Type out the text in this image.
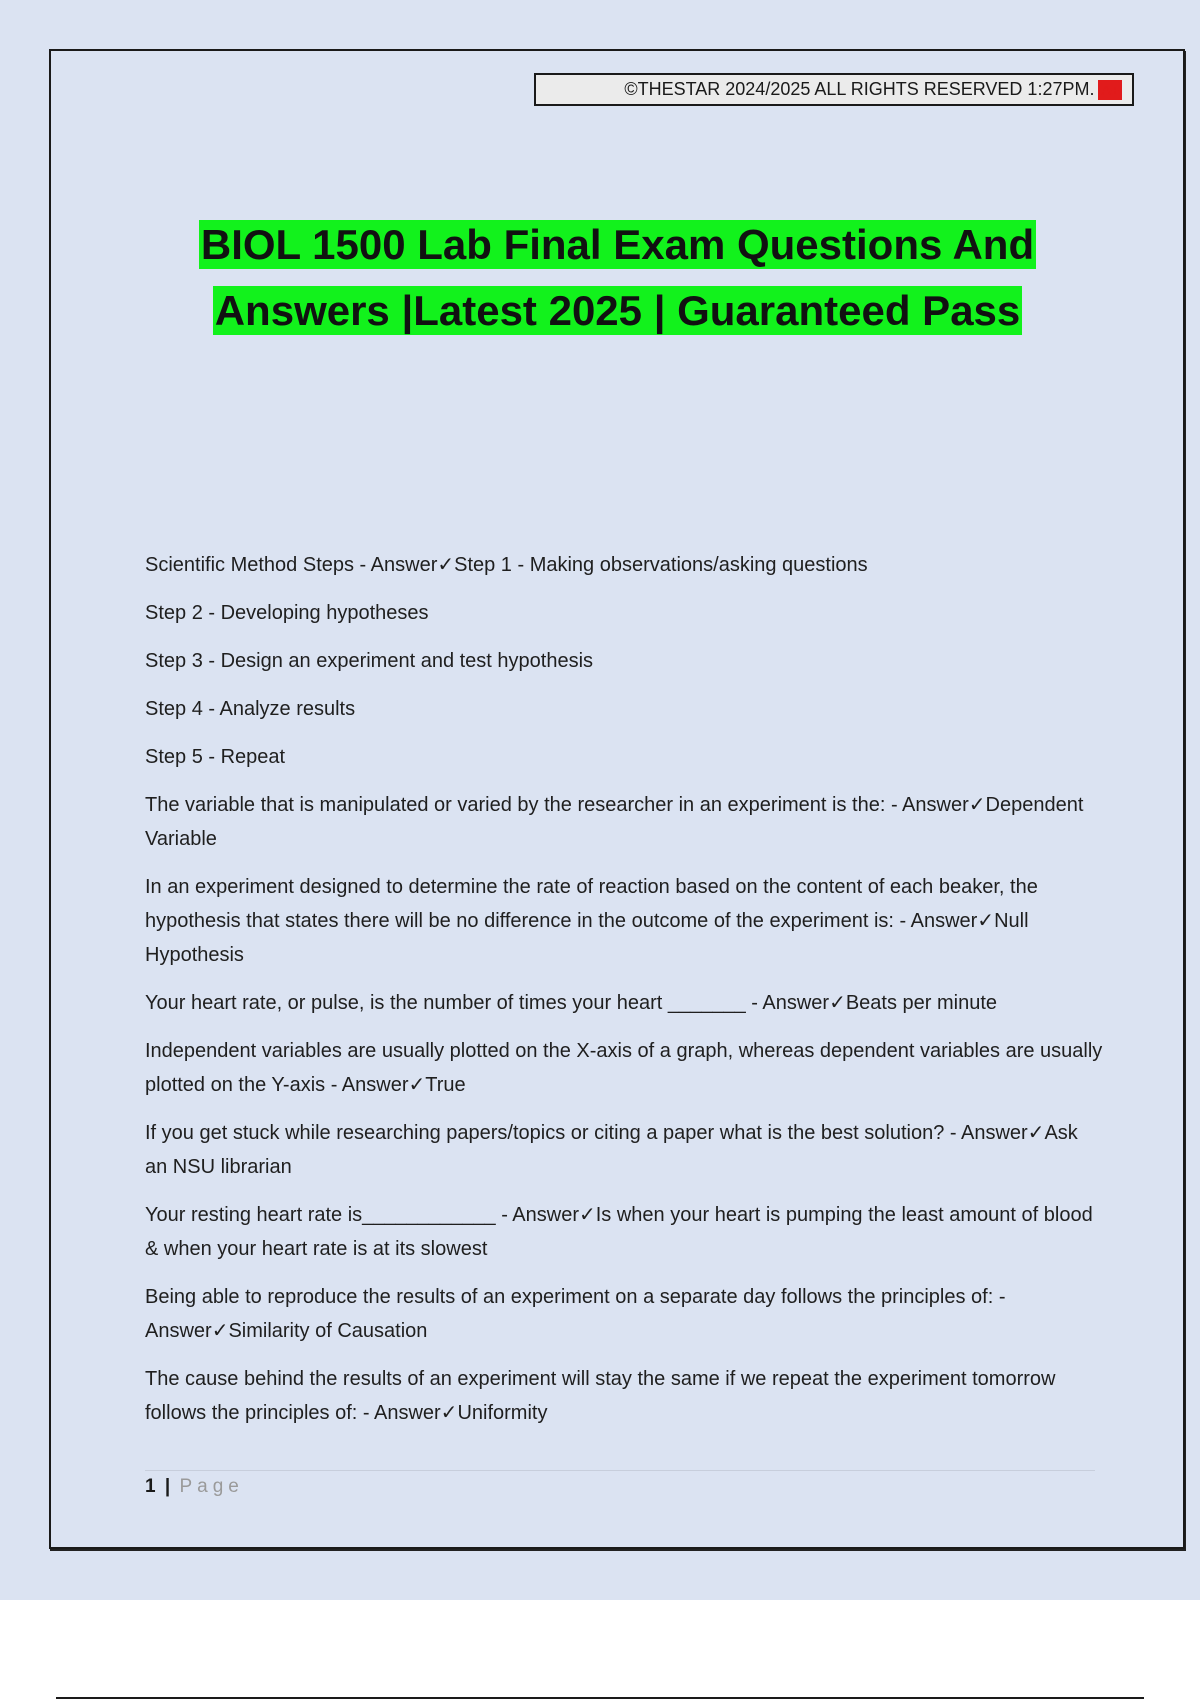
©THESTAR 2024/2025 ALL RIGHTS RESERVED 1:27PM. A+
BIOL 1500 Lab Final Exam Questions And
Answers |Latest 2025 | Guaranteed Pass

Scientific Method Steps - Answer✓Step 1 - Making observations/asking questions

Step 2 - Developing hypotheses

Step 3 - Design an experiment and test hypothesis

Step 4 - Analyze results

Step 5 - Repeat

The variable that is manipulated or varied by the researcher in an experiment is the: - Answer✓Dependent Variable

In an experiment designed to determine the rate of reaction based on the content of each beaker, the hypothesis that states there will be no difference in the outcome of the experiment is: - Answer✓Null Hypothesis

Your heart rate, or pulse, is the number of times your heart _______ - Answer✓Beats per minute

Independent variables are usually plotted on the X-axis of a graph, whereas dependent variables are usually plotted on the Y-axis - Answer✓True

If you get stuck while researching papers/topics or citing a paper what is the best solution? - Answer✓Ask an NSU librarian

Your resting heart rate is____________ - Answer✓Is when your heart is pumping the least amount of blood & when your heart rate is at its slowest

Being able to reproduce the results of an experiment on a separate day follows the principles of: - Answer✓Similarity of Causation

The cause behind the results of an experiment will stay the same if we repeat the experiment tomorrow follows the principles of: - Answer✓Uniformity

1 | Page
